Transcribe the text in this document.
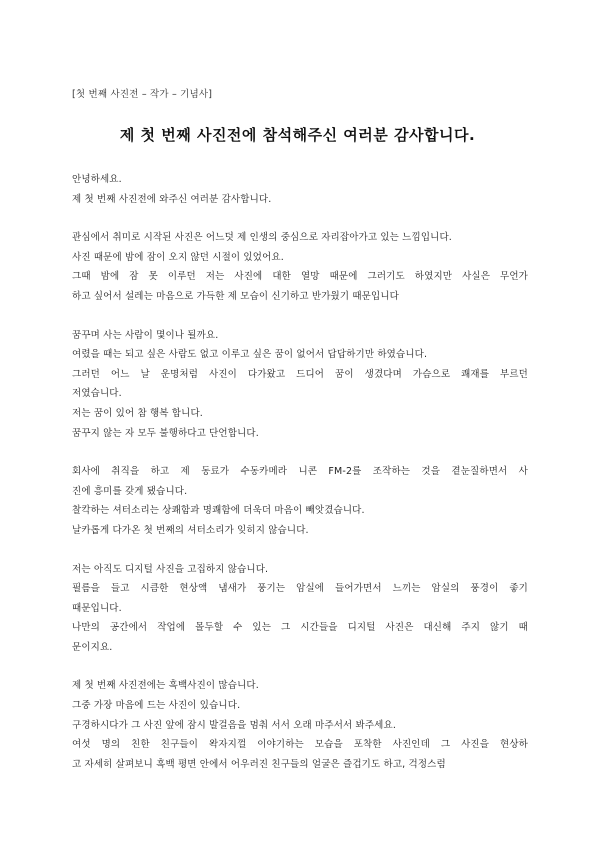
[첫 번째 사진전 – 작가 – 기념사]
제 첫 번째 사진전에 참석해주신 여러분 감사합니다.
안녕하세요.
제 첫 번째 사진전에 와주신 여러분 감사합니다.
관심에서 취미로 시작된 사진은 어느덧 제 인생의 중심으로 자리잡아가고 있는 느낌입니다.
사진 때문에 밤에 잠이 오지 않던 시절이 있었어요.
그때 밤에 잠 못 이루던 저는 사진에 대한 열망 때문에 그러기도 하였지만 사실은 무언가
하고 싶어서 설레는 마음으로 가득한 제 모습이 신기하고 반가웠기 때문입니다
꿈꾸며 사는 사람이 몇이나 될까요.
여렸을 때는 되고 싶은 사람도 없고 이루고 싶은 꿈이 없어서 답답하기만 하였습니다.
그러던 어느 날 운명처럼 사진이 다가왔고 드디어 꿈이 생겼다며 가슴으로 쾌재를 부르던
저였습니다.
저는 꿈이 있어 참 행복 합니다.
꿈꾸지 않는 자 모두 불행하다고 단언합니다.
회사에 취직을 하고 제 동료가 수동카메라 니콘 FM-2를 조작하는 것을 곁눈질하면서 사
진에 흥미를 갖게 됐습니다.
찰칵하는 셔터소리는 상쾌함과 명쾌함에 더욱더 마음이 빼앗겼습니다.
날카롭게 다가온 첫 번째의 셔터소리가 잊히지 않습니다.
저는 아직도 디지털 사진을 고집하지 않습니다.
필름을 들고 시큼한 현상액 냄새가 풍기는 암실에 들어가면서 느끼는 암실의 풍경이 좋기
때문입니다.
나만의 공간에서 작업에 몰두할 수 있는 그 시간들을 디지털 사진은 대신해 주지 않기 때
문이지요.
제 첫 번째 사진전에는 흑백사진이 많습니다.
그중 가장 마음에 드는 사진이 있습니다.
구경하시다가 그 사진 앞에 잠시 발걸음을 멈춰 서서 오래 마주서서 봐주세요.
여섯 명의 친한 친구들이 왁자지껄 이야기하는 모습을 포착한 사진인데 그 사진을 현상하
고 자세히 살펴보니 흑백 평면 안에서 어우러진 친구들의 얼굴은 즐겁기도 하고, 걱정스럼
